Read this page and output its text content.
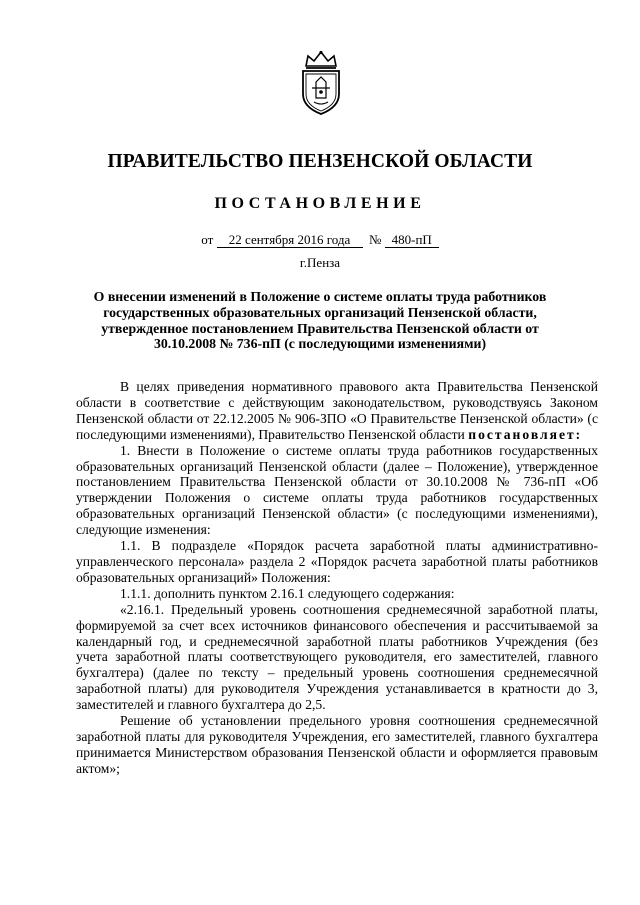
ПРАВИТЕЛЬСТВО ПЕНЗЕНСКОЙ ОБЛАСТИ
ПОСТАНОВЛЕНИЕ
от 22 сентября 2016 года № 480-пП
г.Пенза
О внесении изменений в Положение о системе оплаты труда работников государственных образовательных организаций Пензенской области, утвержденное постановлением Правительства Пензенской области от 30.10.2008 № 736-пП (с последующими изменениями)

В целях приведения нормативного правового акта Правительства Пензенской области в соответствие с действующим законодательством, руководствуясь Законом Пензенской области от 22.12.2005 № 906-ЗПО «О Правительстве Пензенской области» (с последующими изменениями), Правительство Пензенской области постановляет:

1. Внести в Положение о системе оплаты труда работников государственных образовательных организаций Пензенской области (далее – Положение), утвержденное постановлением Правительства Пензенской области от 30.10.2008 № 736-пП «Об утверждении Положения о системе оплаты труда работников государственных образовательных организаций Пензенской области» (с последующими изменениями), следующие изменения:

1.1. В подразделе «Порядок расчета заработной платы административно-управленческого персонала» раздела 2 «Порядок расчета заработной платы работников образовательных организаций» Положения:

1.1.1. дополнить пунктом 2.16.1 следующего содержания:

«2.16.1. Предельный уровень соотношения среднемесячной заработной платы, формируемой за счет всех источников финансового обеспечения и рассчитываемой за календарный год, и среднемесячной заработной платы работников Учреждения (без учета заработной платы соответствующего руководителя, его заместителей, главного бухгалтера) (далее по тексту – предельный уровень соотношения среднемесячной заработной платы) для руководителя Учреждения устанавливается в кратности до 3, заместителей и главного бухгалтера до 2,5.

Решение об установлении предельного уровня соотношения среднемесячной заработной платы для руководителя Учреждения, его заместителей, главного бухгалтера принимается Министерством образования Пензенской области и оформляется правовым актом»;
